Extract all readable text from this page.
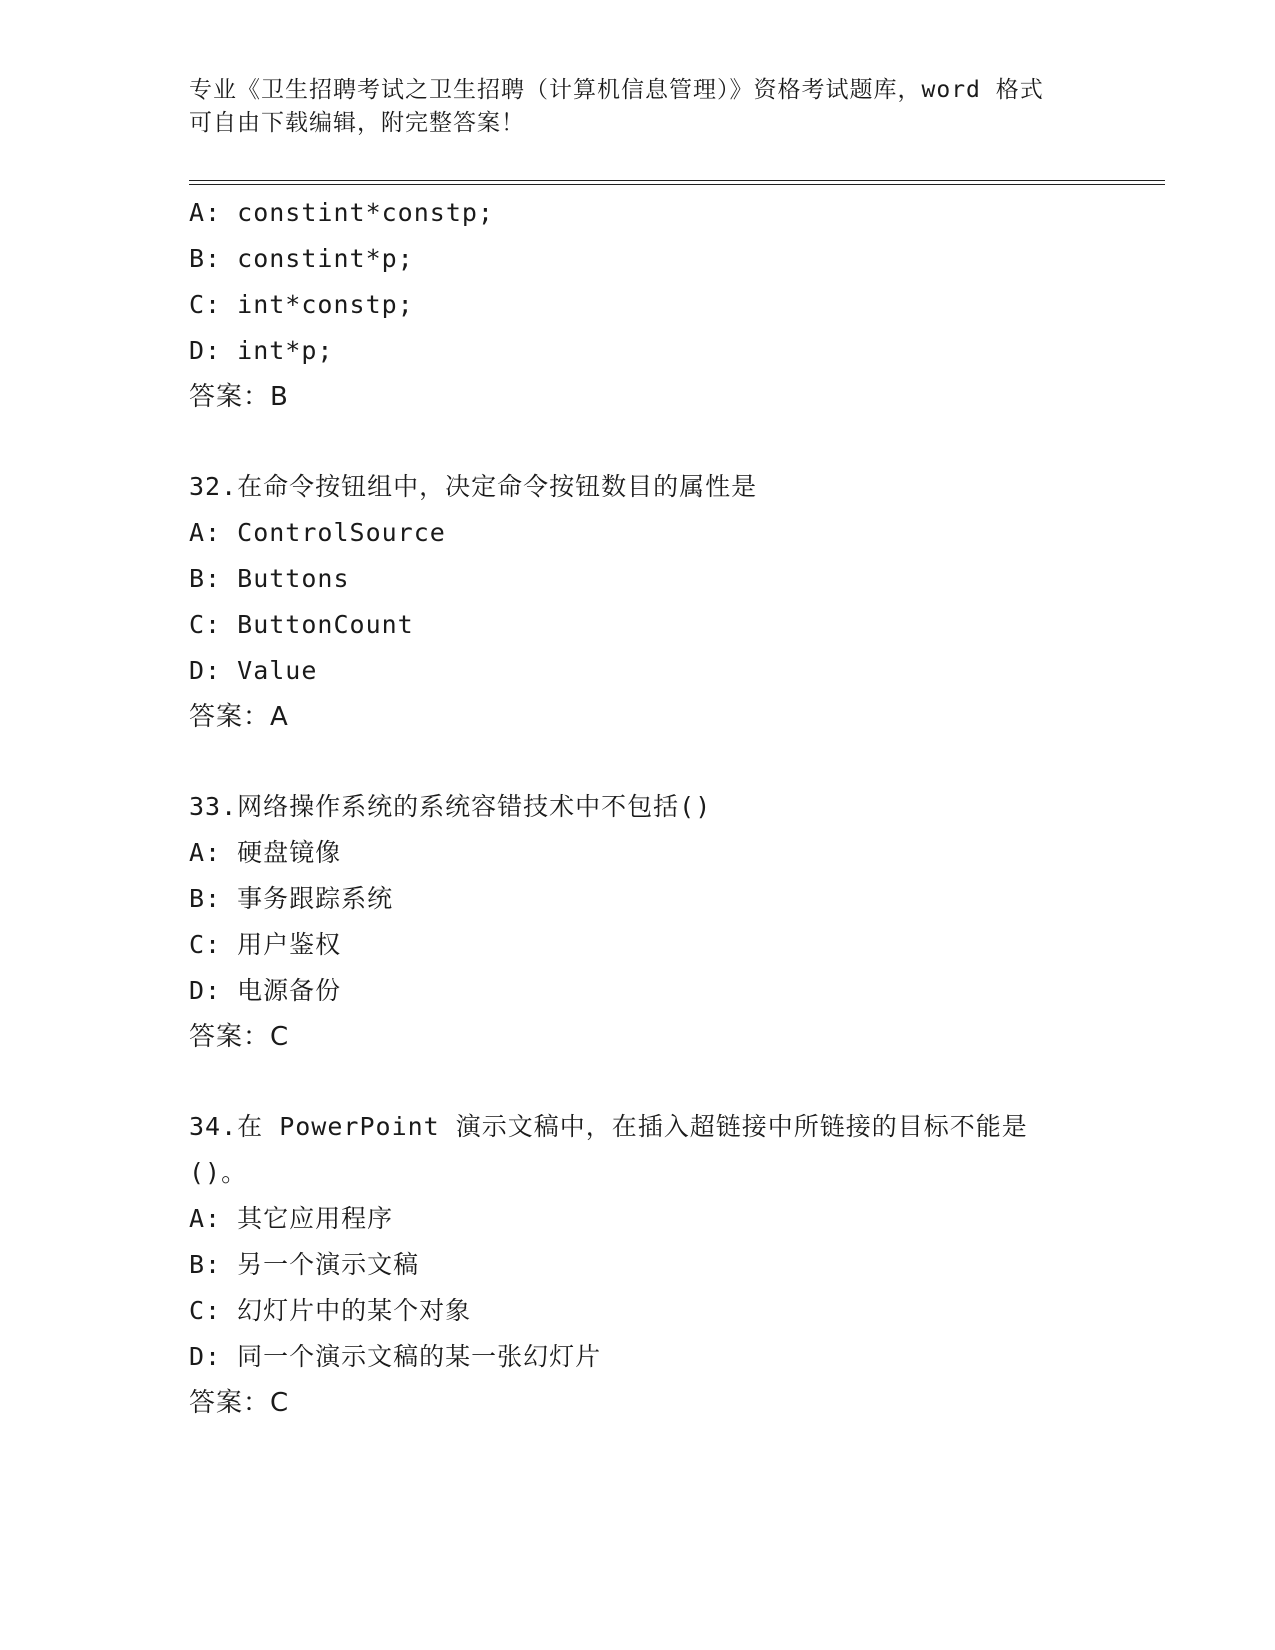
专业《卫生招聘考试之卫生招聘（计算机信息管理）》资格考试题库，word 格式
可自由下载编辑，附完整答案！
A: constint*constp;
B: constint*p;
C: int*constp;
D: int*p;
答案：B
32.在命令按钮组中，决定命令按钮数目的属性是
A: ControlSource
B: Buttons
C: ButtonCount
D: Value
答案：A
33.网络操作系统的系统容错技术中不包括()
A: 硬盘镜像
B: 事务跟踪系统
C: 用户鉴权
D: 电源备份
答案：C
34.在 PowerPoint 演示文稿中，在插入超链接中所链接的目标不能是
()。
A: 其它应用程序
B: 另一个演示文稿
C: 幻灯片中的某个对象
D: 同一个演示文稿的某一张幻灯片
答案：C
